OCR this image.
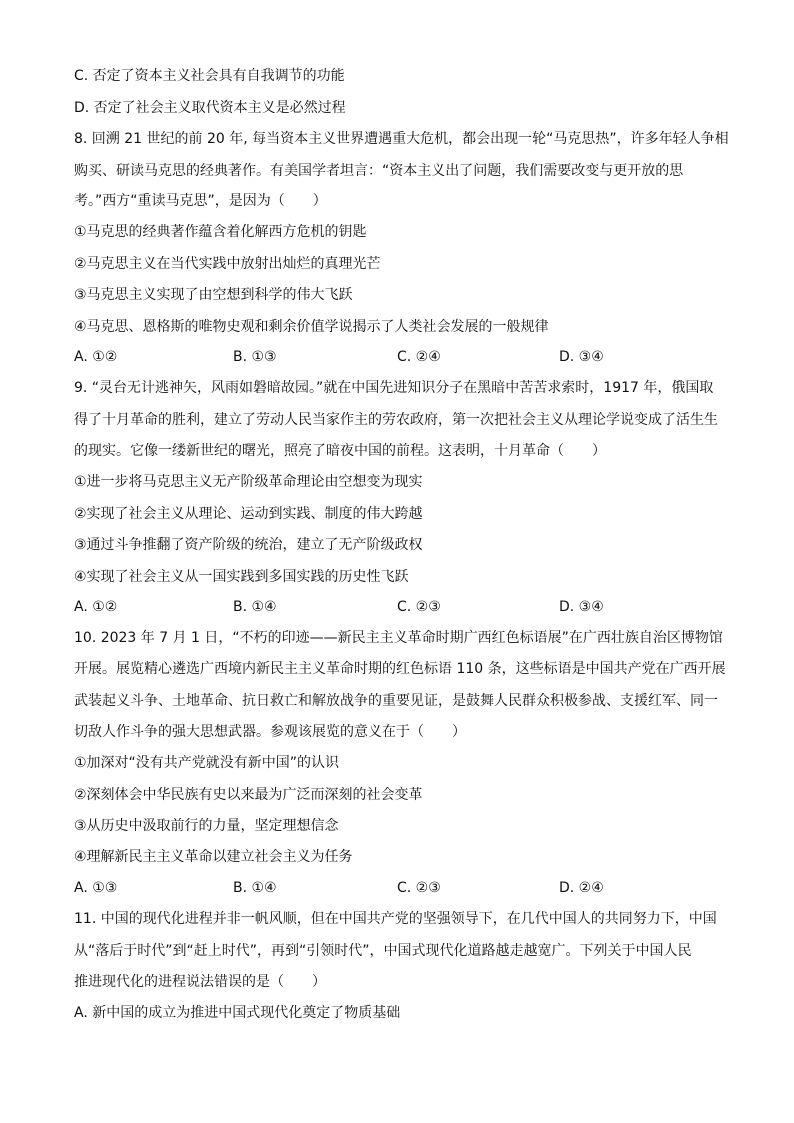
C. 否定了资本主义社会具有自我调节的功能
D. 否定了社会主义取代资本主义是必然过程
8. 回溯 21 世纪的前 20 年, 每当资本主义世界遭遇重大危机，都会出现一轮“马克思热”，许多年轻人争相
购买、研读马克思的经典著作。有美国学者坦言：“资本主义出了问题，我们需要改变与更开放的思
考。”西方“重读马克思”，是因为（　　）
①马克思的经典著作蕴含着化解西方危机的钥匙
②马克思主义在当代实践中放射出灿烂的真理光芒
③马克思主义实现了由空想到科学的伟大飞跃
④马克思、恩格斯的唯物史观和剩余价值学说揭示了人类社会发展的一般规律
A. ①②	B. ①③	C. ②④	D. ③④
9. “灵台无计逃神矢，风雨如磐暗故园。”就在中国先进知识分子在黑暗中苦苦求索时，1917 年，俄国取
得了十月革命的胜利，建立了劳动人民当家作主的劳农政府，第一次把社会主义从理论学说变成了活生生
的现实。它像一缕新世纪的曙光，照亮了暗夜中国的前程。这表明，十月革命（　　）
①进一步将马克思主义无产阶级革命理论由空想变为现实
②实现了社会主义从理论、运动到实践、制度的伟大跨越
③通过斗争推翻了资产阶级的统治，建立了无产阶级政权
④实现了社会主义从一国实践到多国实践的历史性飞跃
A. ①②	B. ①④	C. ②③	D. ③④
10. 2023 年 7 月 1 日，“不朽的印迹——新民主主义革命时期广西红色标语展”在广西壮族自治区博物馆
开展。展览精心遴选广西境内新民主主义革命时期的红色标语 110 条，这些标语是中国共产党在广西开展
武装起义斗争、土地革命、抗日救亡和解放战争的重要见证，是鼓舞人民群众积极参战、支援红军、同一
切敌人作斗争的强大思想武器。参观该展览的意义在于（　　）
①加深对“没有共产党就没有新中国”的认识
②深刻体会中华民族有史以来最为广泛而深刻的社会变革
③从历史中汲取前行的力量，坚定理想信念
④理解新民主主义革命以建立社会主义为任务
A. ①③	B. ①④	C. ②③	D. ②④
11. 中国的现代化进程并非一帆风顺，但在中国共产党的坚强领导下，在几代中国人的共同努力下，中国
从“落后于时代”到“赶上时代”，再到“引领时代”，中国式现代化道路越走越宽广。下列关于中国人民
推进现代化的进程说法错误的是（　　）
A. 新中国的成立为推进中国式现代化奠定了物质基础
